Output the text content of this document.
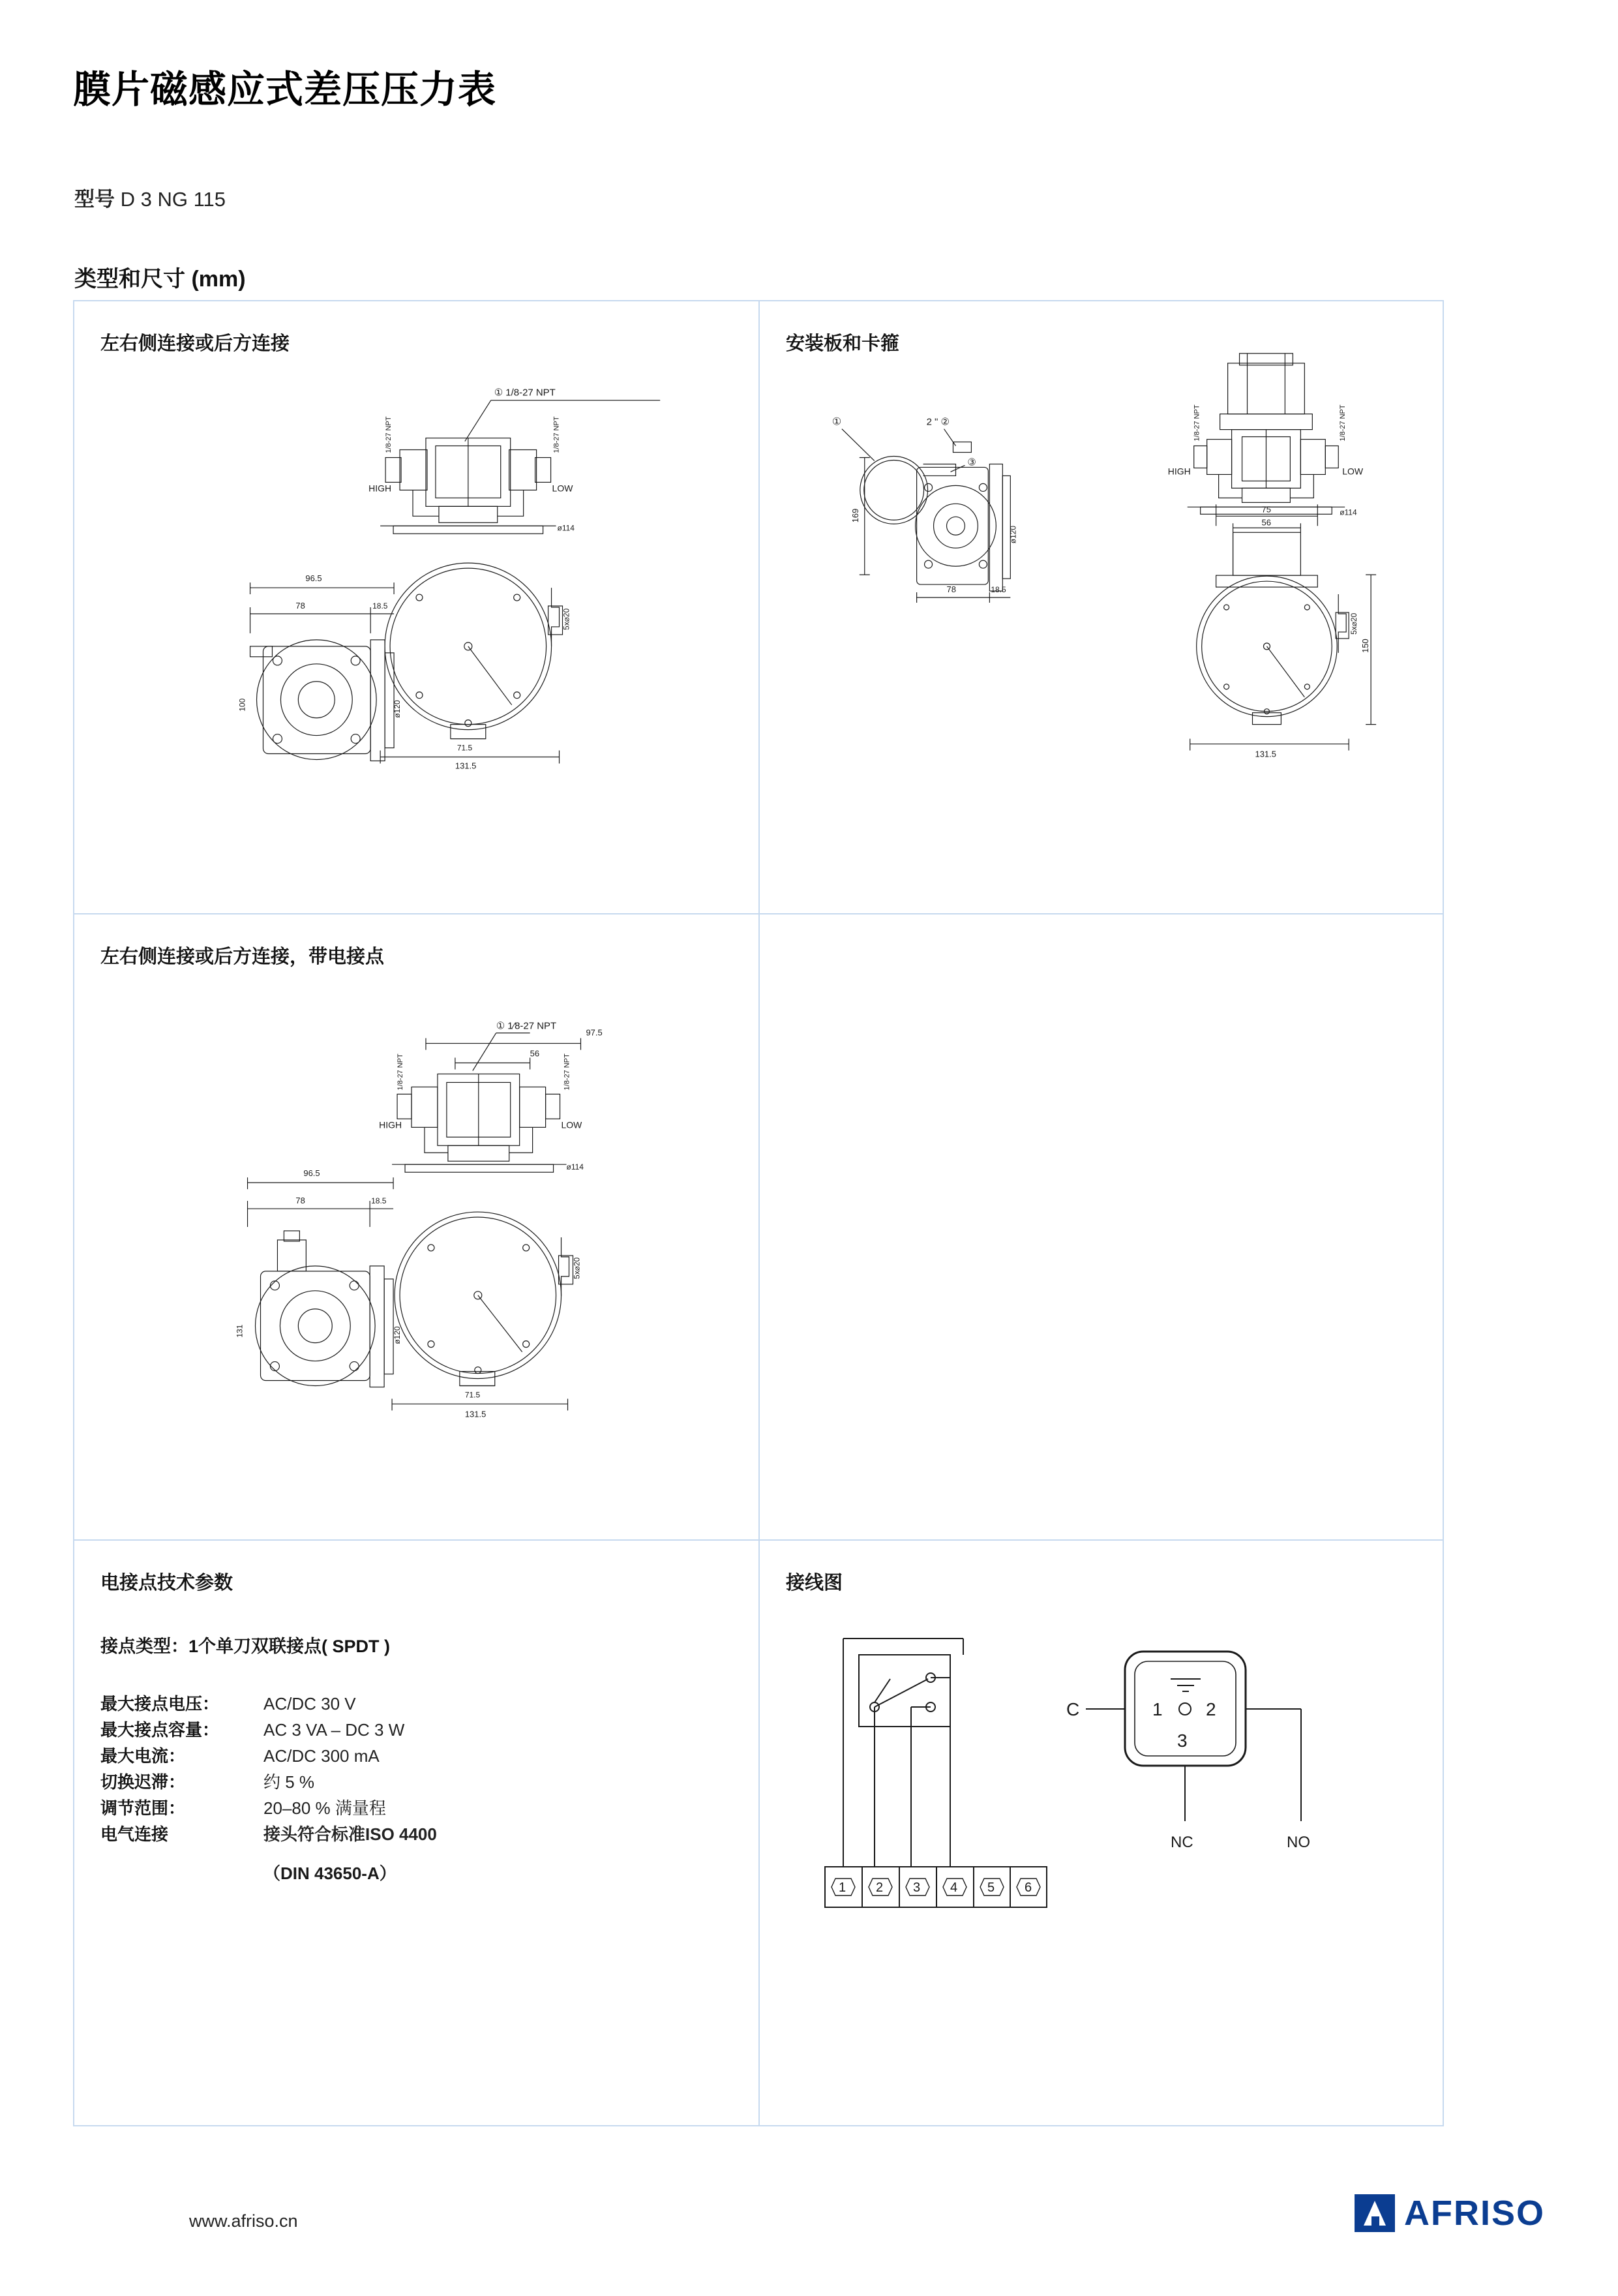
膜片磁感应式差压压力表
型号 D 3 NG 115
类型和尺寸 (mm)
左右侧连接或后方连接
① 1/8-27 NPT
1/8-27 NPT	1/8-27 NPT
HIGH	LOW
ø114
5x⌀20
131.5
71.5
78
96.5
18.5
100	ø120
安装板和卡箍
①	2 " ②
③
169
78	18.5
ø120
1/8-27 NPT	1/8-27 NPT
HIGH	LOW
ø114
75
56
5x⌀20
150
131.5
左右侧连接或后方连接，带电接点
① 1⁄8-27 NPT
97.5
56
1/8-27 NPT	1/8-27 NPT
HIGH	LOW
ø114
5x⌀20
131.5
71.5
78
96.5
18.5
131	ø120
电接点技术参数
接点类型：1个单刀双联接点( SPDT )
最大接点电压：	AC/DC 30 V
最大接点容量：	AC 3 VA – DC 3 W
最大电流：	AC/DC 300 mA
切换迟滞：	约 5 %
调节范围：	20–80 % 满量程
电气连接	接头符合标准ISO 4400
（DIN 43650-A）
接线图
1 2 3 4 5 6
1 2
3
C
NO
NC
www.afriso.cn	AFRISO
